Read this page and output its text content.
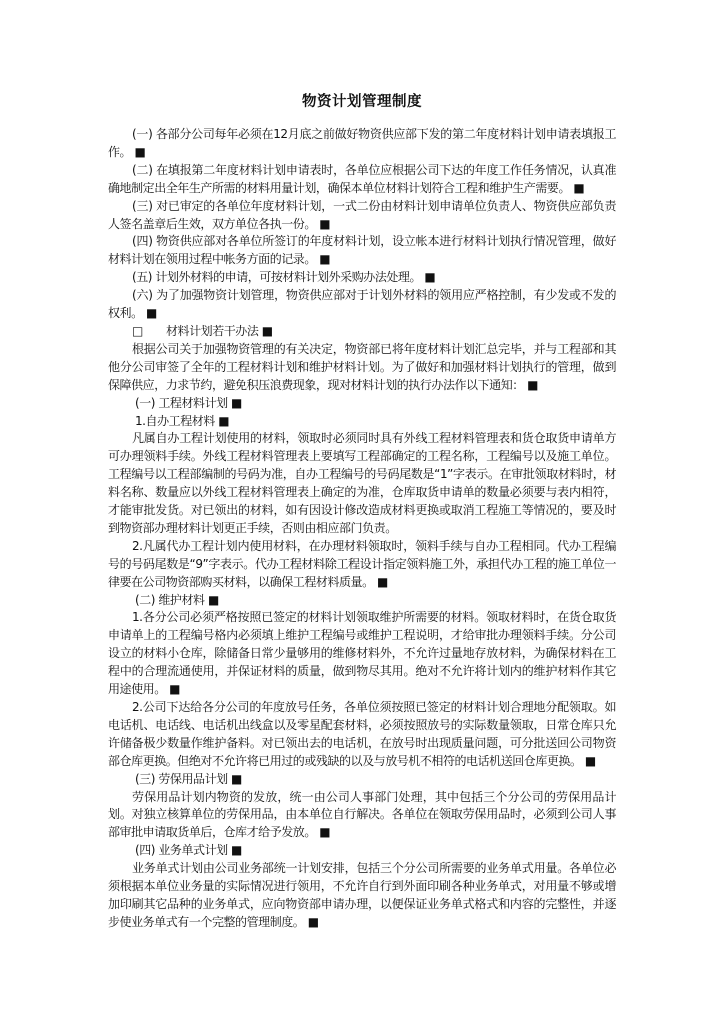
物资计划管理制度

(一) 各部分公司每年必须在12月底之前做好物资供应部下发的第二年度材料计划申请表填报工作。 ■

(二) 在填报第二年度材料计划申请表时，各单位应根据公司下达的年度工作任务情况，认真准确地制定出全年生产所需的材料用量计划，确保本单位材料计划符合工程和维护生产需要。 ■

(三) 对已审定的各单位年度材料计划，一式二份由材料计划申请单位负责人、物资供应部负责人签名盖章后生效，双方单位各执一份。 ■

(四) 物资供应部对各单位所签订的年度材料计划，设立帐本进行材料计划执行情况管理，做好材料计划在领用过程中帐务方面的记录。 ■

(五) 计划外材料的申请，可按材料计划外采购办法处理。 ■

(六) 为了加强物资计划管理，物资供应部对于计划外材料的领用应严格控制，有少发或不发的权利。 ■

□　　材料计划若干办法 ■

根据公司关于加强物资管理的有关决定，物资部已将年度材料计划汇总完毕，并与工程部和其他分公司审签了全年的工程材料计划和维护材料计划。为了做好和加强材料计划执行的管理，做到保障供应，力求节约，避免积压浪费现象，现对材料计划的执行办法作以下通知： ■

(一) 工程材料计划 ■

1.自办工程材料 ■

凡属自办工程计划使用的材料，领取时必须同时具有外线工程材料管理表和货仓取货申请单方可办理领料手续。外线工程材料管理表上要填写工程部确定的工程名称，工程编号以及施工单位。工程编号以工程部编制的号码为准，自办工程编号的号码尾数是“1”字表示。在审批领取材料时，材料名称、数量应以外线工程材料管理表上确定的为准，仓库取货申请单的数量必须要与表内相符，才能审批发货。对已领出的材料，如有因设计修改造成材料更换或取消工程施工等情况的，要及时到物资部办理材料计划更正手续，否则由相应部门负责。

2.凡属代办工程计划内使用材料，在办理材料领取时，领料手续与自办工程相同。代办工程编号的号码尾数是“9”字表示。代办工程材料除工程设计指定领料施工外，承担代办工程的施工单位一律要在公司物资部购买材料，以确保工程材料质量。 ■

(二) 维护材料 ■

1.各分公司必须严格按照已签定的材料计划领取维护所需要的材料。领取材料时，在货仓取货申请单上的工程编号格内必须填上维护工程编号或维护工程说明，才给审批办理领料手续。分公司设立的材料小仓库，除储备日常少量够用的维修材料外，不允许过量地存放材料，为确保材料在工程中的合理流通使用，并保证材料的质量，做到物尽其用。绝对不允许将计划内的维护材料作其它用途使用。 ■

2.公司下达给各分公司的年度放号任务，各单位须按照已签定的材料计划合理地分配领取。如电话机、电话线、电话机出线盒以及零星配套材料，必须按照放号的实际数量领取，日常仓库只允许储备极少数量作维护备料。对已领出去的电话机，在放号时出现质量问题，可分批送回公司物资部仓库更换。但绝对不允许将已用过的或残缺的以及与放号机不相符的电话机送回仓库更换。 ■

(三) 劳保用品计划 ■

劳保用品计划内物资的发放，统一由公司人事部门处理，其中包括三个分公司的劳保用品计划。对独立核算单位的劳保用品，由本单位自行解决。各单位在领取劳保用品时，必须到公司人事部审批申请取货单后，仓库才给予发放。 ■

(四) 业务单式计划 ■

业务单式计划由公司业务部统一计划安排，包括三个分公司所需要的业务单式用量。各单位必须根据本单位业务量的实际情况进行领用，不允许自行到外面印刷各种业务单式，对用量不够或增加印刷其它品种的业务单式，应向物资部申请办理，以便保证业务单式格式和内容的完整性，并逐步使业务单式有一个完整的管理制度。 ■
